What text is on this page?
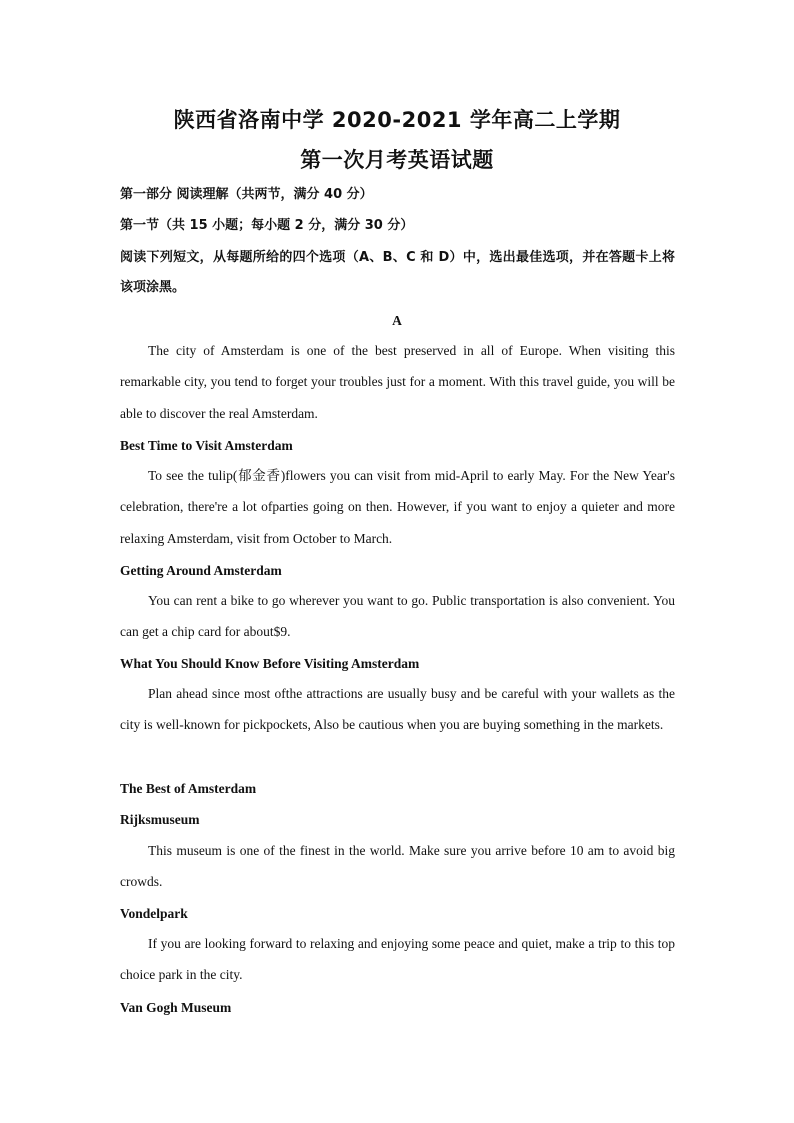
陕西省洛南中学 2020-2021 学年高二上学期
第一次月考英语试题

第一部分 阅读理解（共两节，满分 40 分）

第一节（共 15 小题；每小题 2 分，满分 30 分）

阅读下列短文，从每题所给的四个选项（A、B、C 和 D）中，选出最佳选项，并在答题卡上将该项涂黑。

A

The city of Amsterdam is one of the best preserved in all of Europe. When visiting this remarkable city, you tend to forget your troubles just for a moment. With this travel guide, you will be able to discover the real Amsterdam.

Best Time to Visit Amsterdam

To see the tulip(郁金香)flowers you can visit from mid-April to early May. For the New Year's celebration, there're a lot ofparties going on then. However, if you want to enjoy a quieter and more relaxing Amsterdam, visit from October to March.

Getting Around Amsterdam

You can rent a bike to go wherever you want to go. Public transportation is also convenient. You can get a chip card for about$9.

What You Should Know Before Visiting Amsterdam

Plan ahead since most ofthe attractions are usually busy and be careful with your wallets as the city is well-known for pickpockets, Also be cautious when you are buying something in the markets.

The Best of Amsterdam

Rijksmuseum

This museum is one of the finest in the world. Make sure you arrive before 10 am to avoid big crowds.

Vondelpark

If you are looking forward to relaxing and enjoying some peace and quiet, make a trip to this top choice park in the city.

Van Gogh Museum
